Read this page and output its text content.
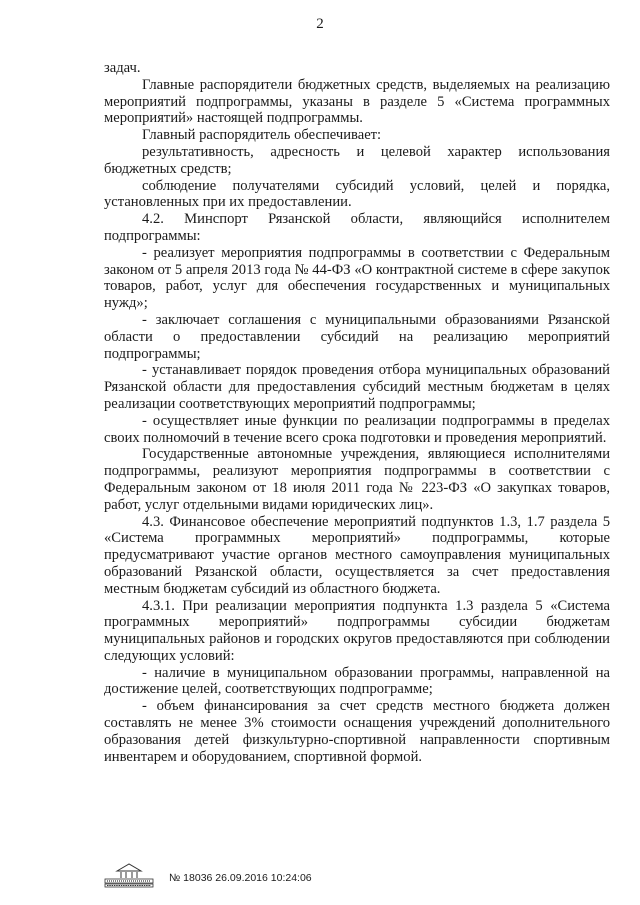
2

задач.

Главные распорядители бюджетных средств, выделяемых на реализацию мероприятий подпрограммы, указаны в разделе 5 «Система программных мероприятий» настоящей подпрограммы.

Главный распорядитель обеспечивает:

результативность, адресность и целевой характер использования бюджетных средств;

соблюдение получателями субсидий условий, целей и порядка, установленных при их предоставлении.

4.2. Минспорт Рязанской области, являющийся исполнителем подпрограммы:

- реализует мероприятия подпрограммы в соответствии с Федеральным законом от 5 апреля 2013 года № 44-ФЗ «О контрактной системе в сфере закупок товаров, работ, услуг для обеспечения государственных и муниципальных нужд»;

- заключает соглашения с муниципальными образованиями Рязанской области о предоставлении субсидий на реализацию мероприятий подпрограммы;

- устанавливает порядок проведения отбора муниципальных образований Рязанской области для предоставления субсидий местным бюджетам в целях реализации соответствующих мероприятий подпрограммы;

- осуществляет иные функции по реализации подпрограммы в пределах своих полномочий в течение всего срока подготовки и проведения мероприятий.

Государственные автономные учреждения, являющиеся исполнителями подпрограммы, реализуют мероприятия подпрограммы в соответствии с Федеральным законом от 18 июля 2011 года № 223-ФЗ «О закупках товаров, работ, услуг отдельными видами юридических лиц».

4.3. Финансовое обеспечение мероприятий подпунктов 1.3, 1.7 раздела 5 «Система программных мероприятий» подпрограммы, которые предусматривают участие органов местного самоуправления муниципальных образований Рязанской области, осуществляется за счет предоставления местным бюджетам субсидий из областного бюджета.

4.3.1. При реализации мероприятия подпункта 1.3 раздела 5 «Система программных мероприятий» подпрограммы субсидии бюджетам муниципальных районов и городских округов предоставляются при соблюдении следующих условий:

- наличие в муниципальном образовании программы, направленной на достижение целей, соответствующих подпрограмме;

- объем финансирования за счет средств местного бюджета должен составлять не менее 3% стоимости оснащения учреждений дополнительного образования детей физкультурно-спортивной направленности спортивным инвентарем и оборудованием, спортивной формой.

№ 18036 26.09.2016 10:24:06
